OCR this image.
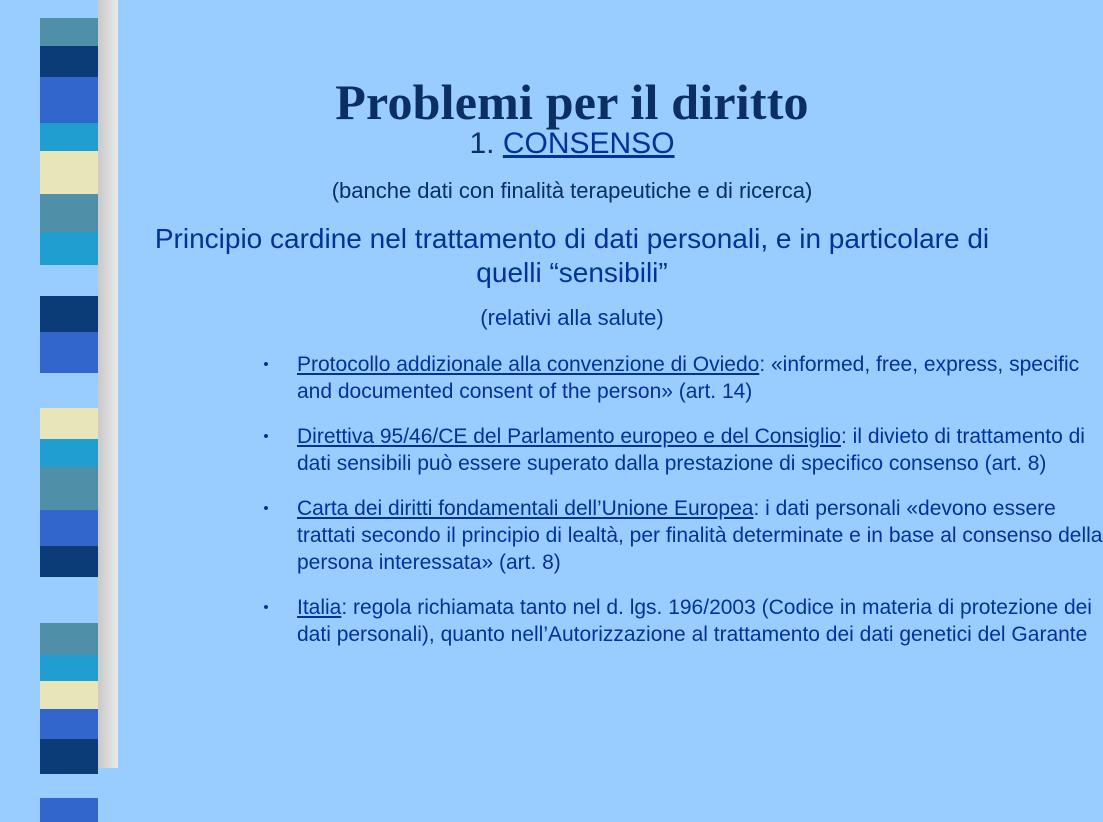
Problemi per il diritto
1. CONSENSO
(banche dati con finalità terapeutiche e di ricerca)
Principio cardine nel trattamento di dati personali, e in particolare di quelli “sensibili”
(relativi alla salute)
•	Protocollo addizionale alla convenzione di Oviedo: «informed, free, express, specific and documented consent of the person» (art. 14)
•	Direttiva 95/46/CE del Parlamento europeo e del Consiglio: il divieto di trattamento di dati sensibili può essere superato dalla prestazione di specifico consenso (art. 8)
•	Carta dei diritti fondamentali dell’Unione Europea: i dati personali «devono essere trattati secondo il principio di lealtà, per finalità determinate e in base al consenso della persona interessata» (art. 8)
•	Italia: regola richiamata tanto nel d. lgs. 196/2003 (Codice in materia di protezione dei dati personali), quanto nell’Autorizzazione al trattamento dei dati genetici del Garante
